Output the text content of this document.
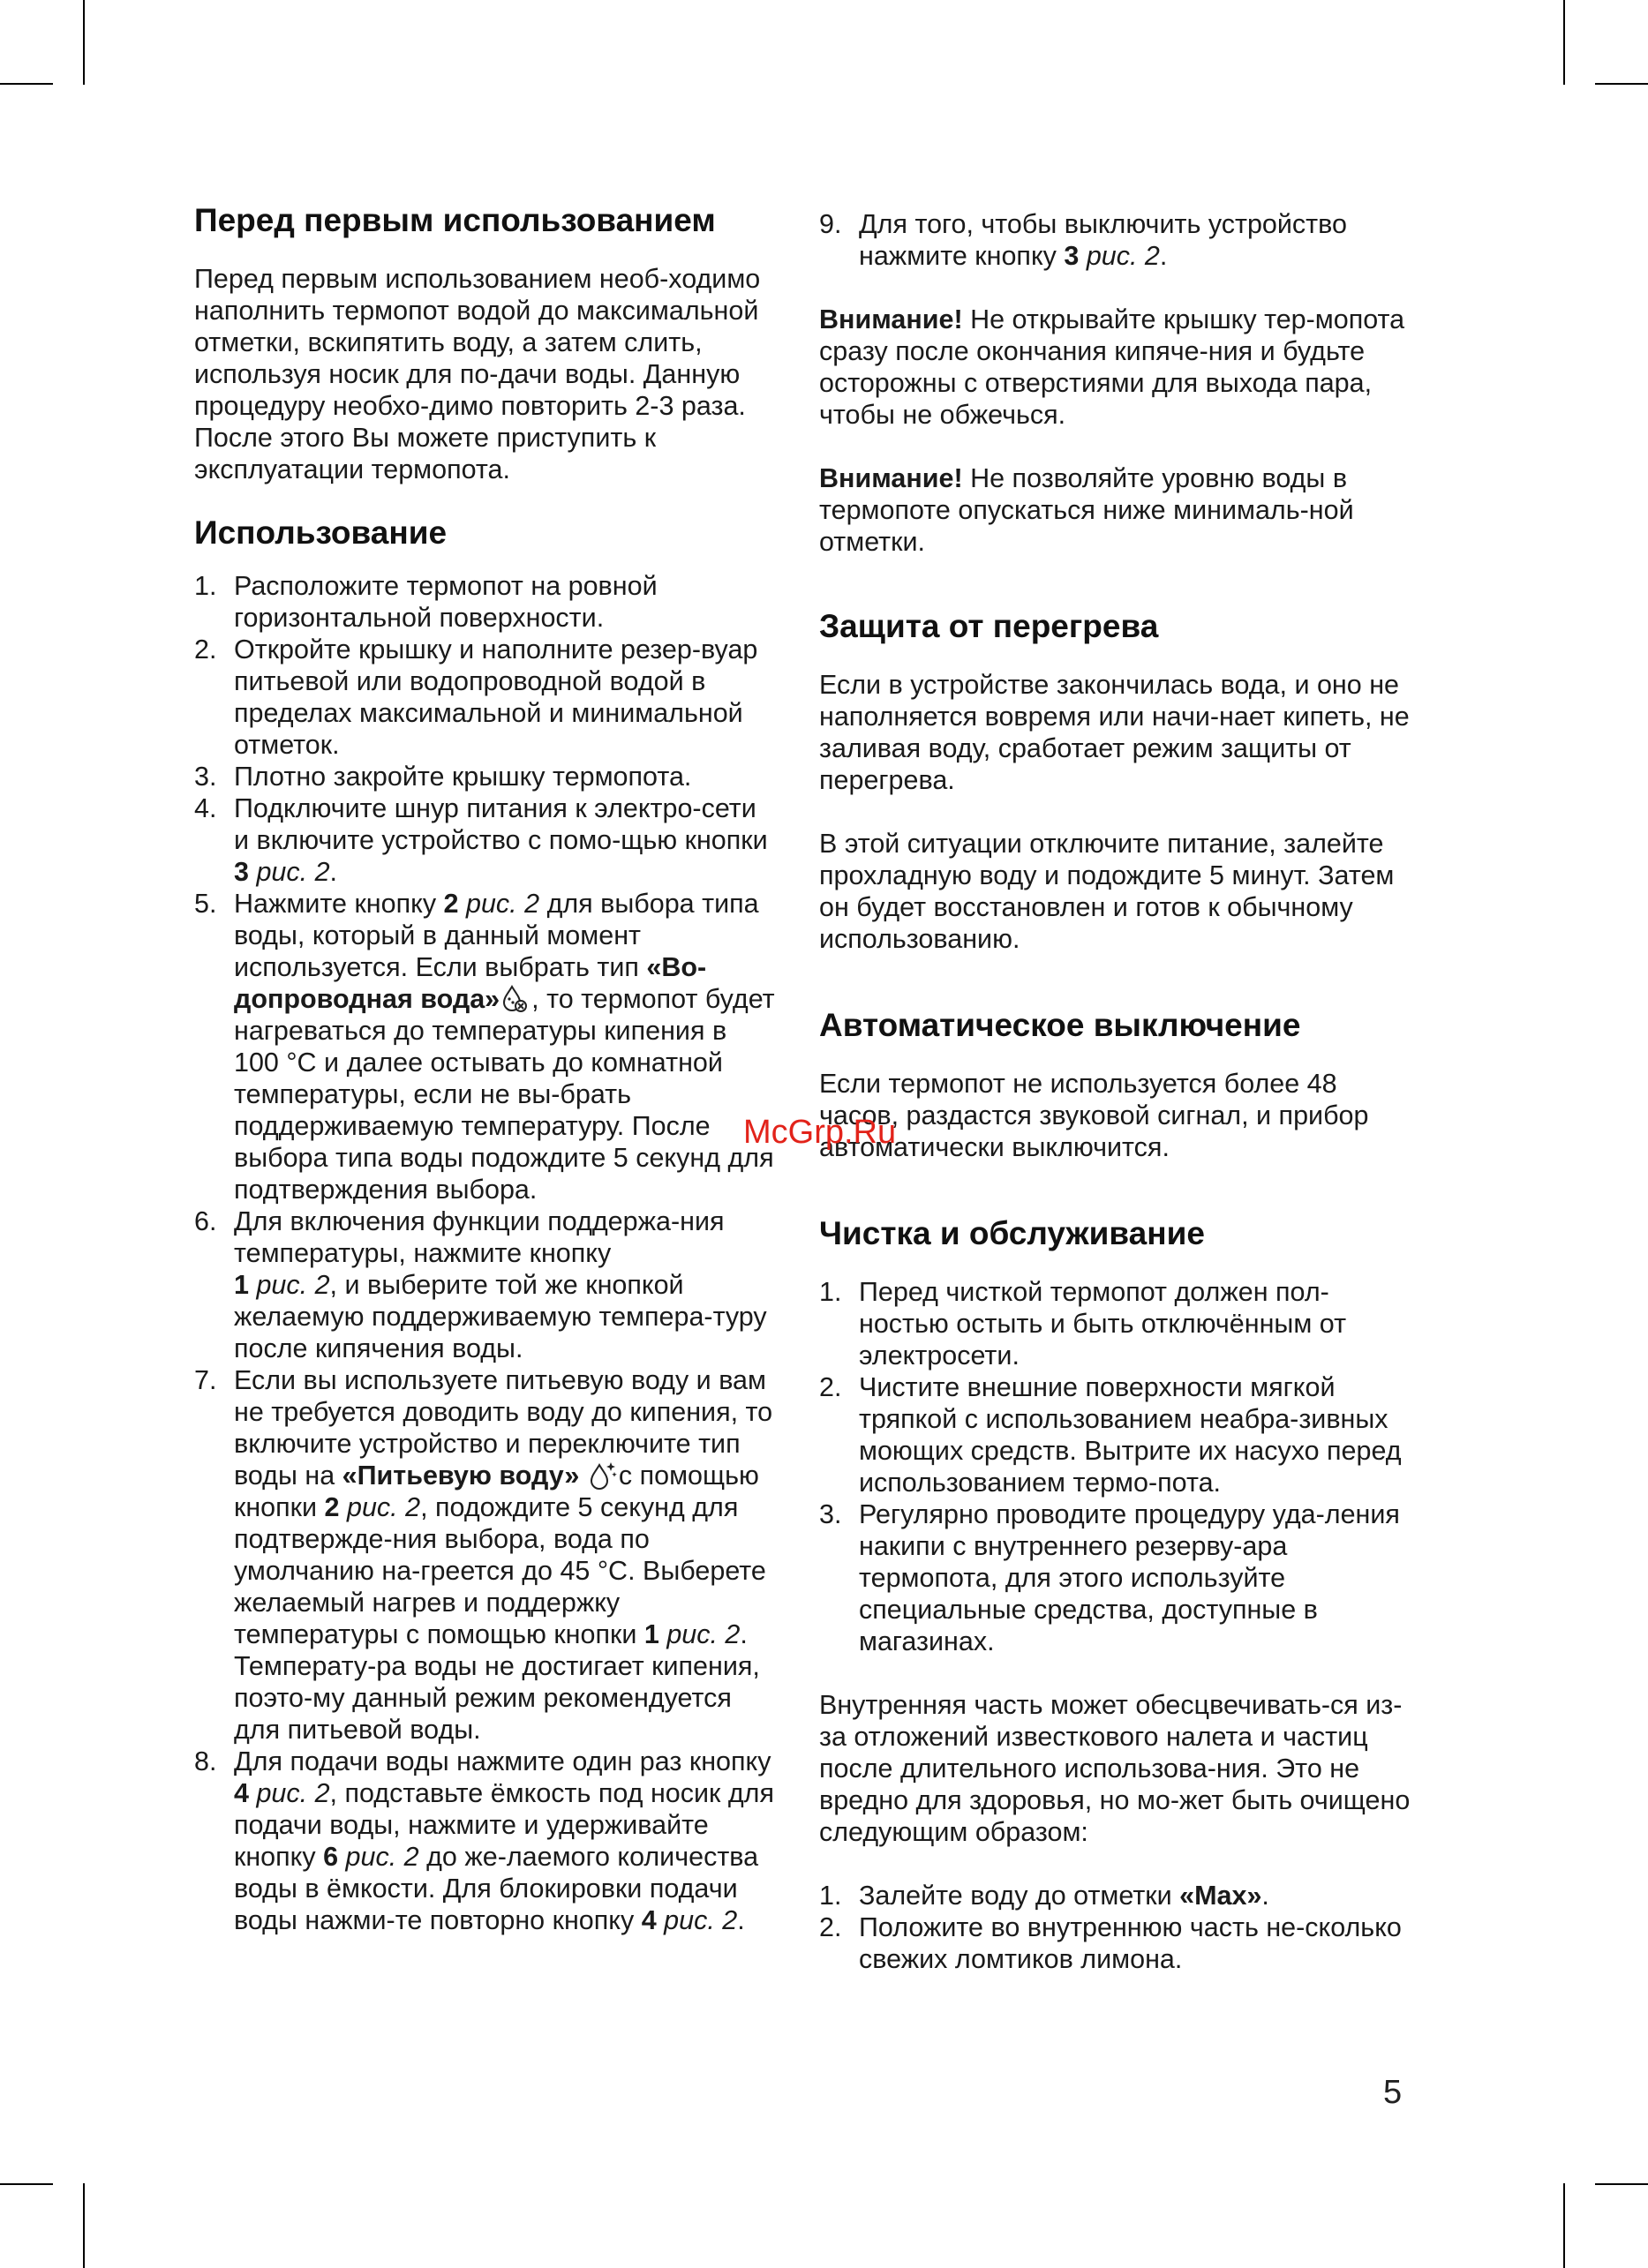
Перед первым использованием

Перед первым использованием необ-ходимо наполнить термопот водой до максимальной отметки, вскипятить воду, а затем слить, используя носик для по-дачи воды. Данную процедуру необхо-димо повторить 2-3 раза. После этого Вы можете приступить к эксплуатации термопота.

Использование
1. Расположите термопот на ровной горизонтальной поверхности.
2. Откройте крышку и наполните резер-вуар питьевой или водопроводной водой в пределах максимальной и минимальной отметок.
3. Плотно закройте крышку термопота.
4. Подключите шнур питания к электро-сети и включите устройство с помо-щью кнопки 3 рис. 2.
5. Нажмите кнопку 2 рис. 2 для выбора типа воды, который в данный момент используется. Если выбрать тип «Во-допроводная вода» , то термопот будет нагреваться до температуры кипения в 100 °C и далее остывать до комнатной температуры, если не вы-брать поддерживаемую температуру. После выбора типа воды подождите 5 секунд для подтверждения выбора.
6. Для включения функции поддержа-ния температуры, нажмите кнопку
1 рис. 2, и выберите той же кнопкой желаемую поддерживаемую темпера-туру после кипячения воды.
7. Если вы используете питьевую воду и вам не требуется доводить воду до кипения, то включите устройство и переключите тип воды на «Питьевую воду» с помощью кнопки 2 рис. 2, подождите 5 секунд для подтвержде-ния выбора, вода по умолчанию на-греется до 45 °C. Выберете желаемый нагрев и поддержку температуры с помощью кнопки 1 рис. 2. Температу-ра воды не достигает кипения, поэто-му данный режим рекомендуется для питьевой воды.
8. Для подачи воды нажмите один раз кнопку 4 рис. 2, подставьте ёмкость под носик для подачи воды, нажмите и удерживайте кнопку 6 рис. 2 до же-лаемого количества воды в ёмкости. Для блокировки подачи воды нажми-те повторно кнопку 4 рис. 2.
9. Для того, чтобы выключить устройство нажмите кнопку 3 рис. 2.

Внимание! Не открывайте крышку тер-мопота сразу после окончания кипяче-ния и будьте осторожны с отверстиями для выхода пара, чтобы не обжечься.

Внимание! Не позволяйте уровню воды в термопоте опускаться ниже минималь-ной отметки.

Защита от перегрева

Если в устройстве закончилась вода, и оно не наполняется вовремя или начи-нает кипеть, не заливая воду, сработает режим защиты от перегрева.

В этой ситуации отключите питание, залейте прохладную воду и подождите 5 минут. Затем он будет восстановлен и готов к обычному использованию.

Автоматическое выключение

Если термопот не используется более 48 часов, раздастся звуковой сигнал, и прибор автоматически выключится.

Чистка и обслуживание
1. Перед чисткой термопот должен пол-ностью остыть и быть отключённым от электросети.
2. Чистите внешние поверхности мягкой тряпкой с использованием неабра-зивных моющих средств. Вытрите их насухо перед использованием термо-пота.
3. Регулярно проводите процедуру уда-ления накипи с внутреннего резерву-ара термопота, для этого используйте специальные средства, доступные в магазинах.

Внутренняя часть может обесцвечивать-ся из-за отложений известкового налета и частиц после длительного использова-ния. Это не вредно для здоровья, но мо-жет быть очищено следующим образом:

1. Залейте воду до отметки «Max».
2. Положите во внутреннюю часть не-сколько свежих ломтиков лимона.
McGrp.Ru
5
